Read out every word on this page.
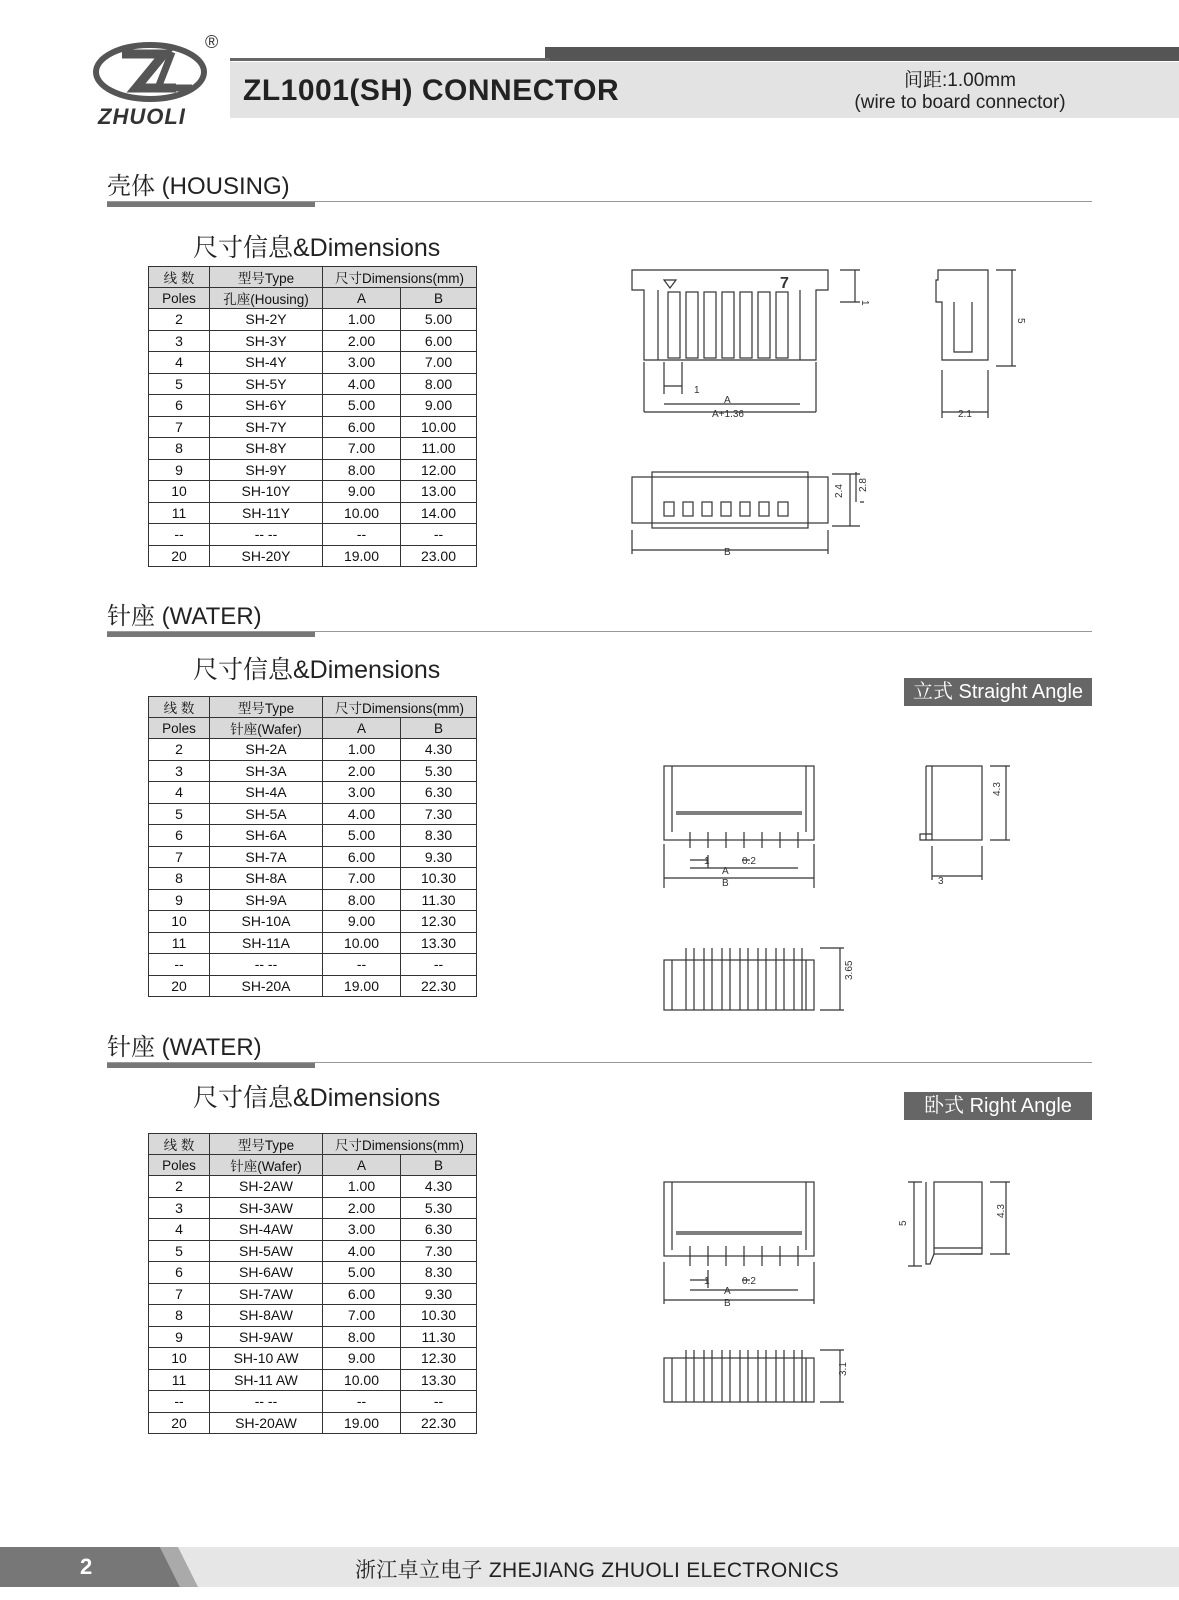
ZHUOLI
®
ZL1001(SH) CONNECTOR	间距:1.00mm
(wire to board connector)
壳体 (HOUSING)
尺寸信息&Dimensions
线 数	型号Type	尺寸Dimensions(mm)	
Poles	孔座(Housing)	A	B
2	SH-2Y	1.00	5.00
3	SH-3Y	2.00	6.00
4	SH-4Y	3.00	7.00
5	SH-5Y	4.00	8.00
6	SH-6Y	5.00	9.00
7	SH-7Y	6.00	10.00
8	SH-8Y	7.00	11.00
9	SH-9Y	8.00	12.00
10	SH-10Y	9.00	13.00
11	SH-11Y	10.00	14.00
--	-- --	--	--
20	SH-20Y	19.00	23.00
7
1
A
A+1.36
1
5
2.1
2.4 2.8
B
针座 (WATER)
尺寸信息&Dimensions
立式 Straight Angle
线 数	型号Type	尺寸Dimensions(mm)	
Poles	针座(Wafer)	A	B
2	SH-2A	1.00	4.30
3	SH-3A	2.00	5.30
4	SH-4A	3.00	6.30
5	SH-5A	4.00	7.30
6	SH-6A	5.00	8.30
7	SH-7A	6.00	9.30
8	SH-8A	7.00	10.30
9	SH-9A	8.00	11.30
10	SH-10A	9.00	12.30
11	SH-11A	10.00	13.30
--	-- --	--	--
20	SH-20A	19.00	22.30
1	0.2
A
B
4.3
3
3.65
针座 (WATER)
尺寸信息&Dimensions	卧式 Right Angle
线 数	型号Type	尺寸Dimensions(mm)	
Poles	针座(Wafer)	A	B
2	SH-2AW	1.00	4.30
3	SH-3AW	2.00	5.30
4	SH-4AW	3.00	6.30
5	SH-5AW	4.00	7.30
6	SH-6AW	5.00	8.30
7	SH-7AW	6.00	9.30
8	SH-8AW	7.00	10.30
9	SH-9AW	8.00	11.30
10	SH-10 AW	9.00	12.30
11	SH-11 AW	10.00	13.30
--	-- --	--	--
20	SH-20AW	19.00	22.30
1	0.2
A
B
5
4.3
3.1
2	浙江卓立电子 ZHEJIANG ZHUOLI ELECTRONICS
